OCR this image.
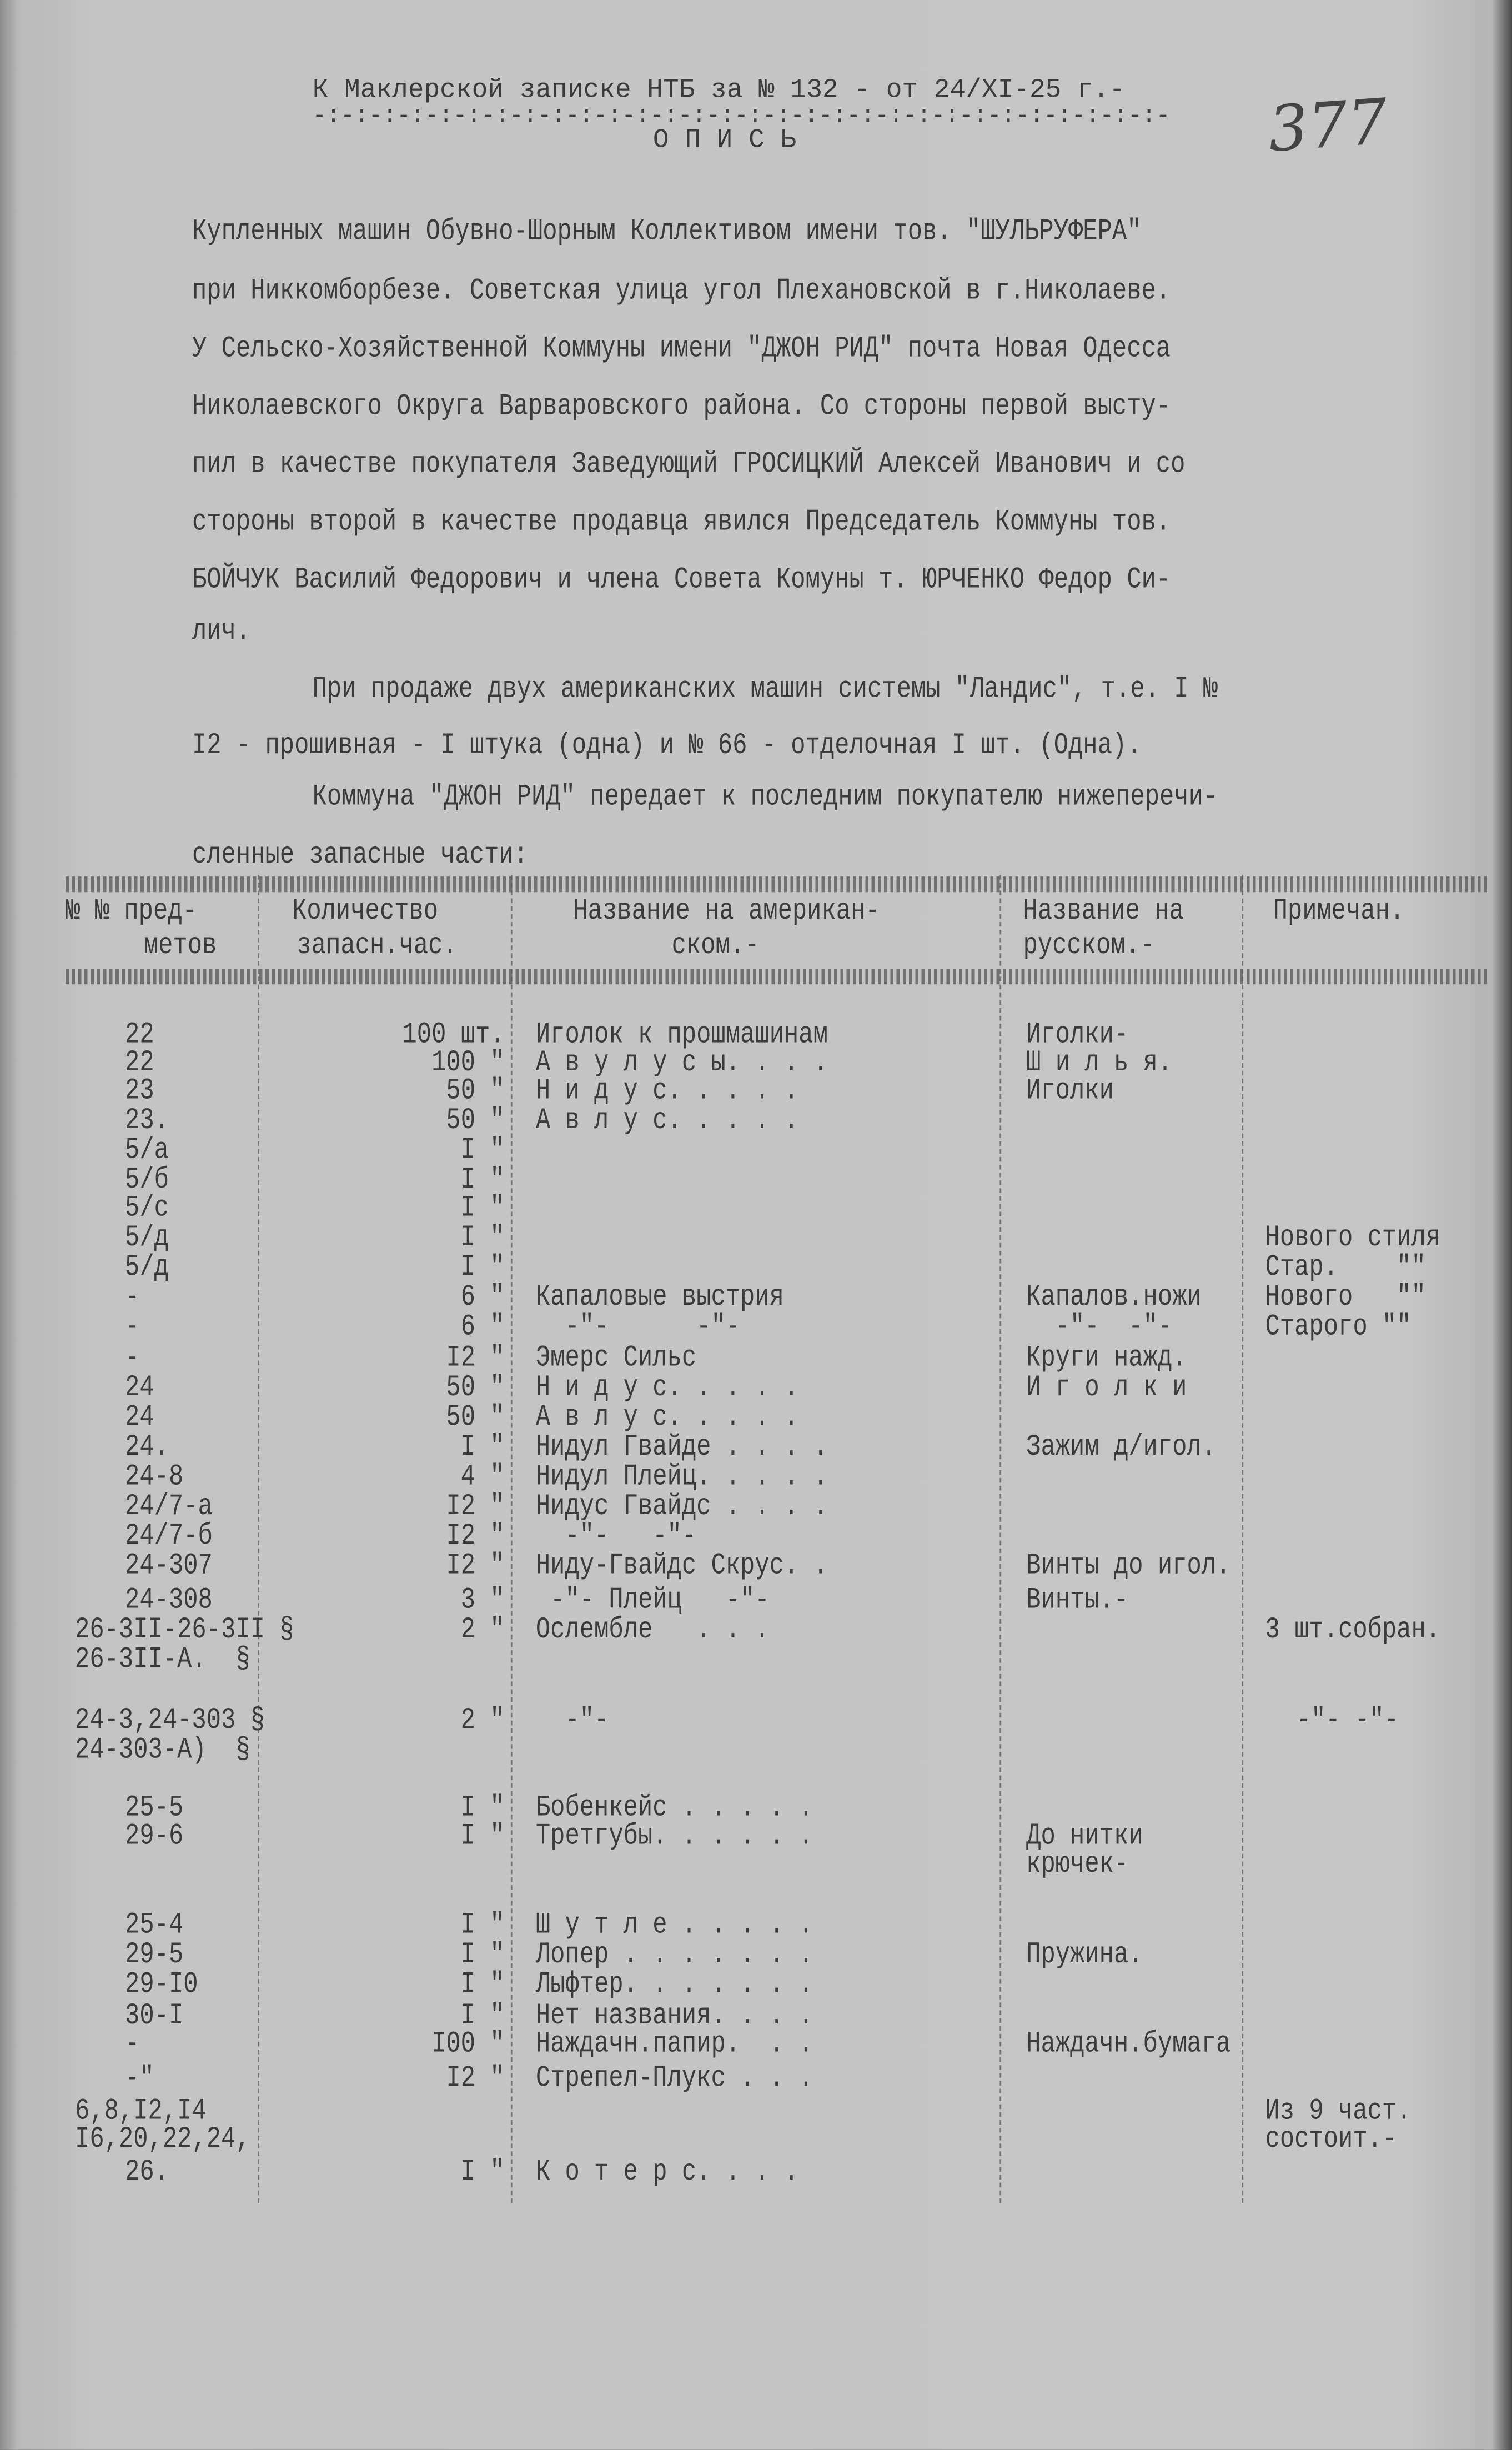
К Маклерской записке НТБ за № 132 - от 24/XI-25 г.-
-:-:-:-:-:-:-:-:-:-:-:-:-:-:-:-:-:-:-:-:-:-:-:-:-:-:-:-:-:-:-
О П И С Ь	377
Купленных машин Обувно-Шорным Коллективом имени тов. "ШУЛЬРУФЕРА"
при Никкомборбезе. Советская улица угол Плехановской в г.Николаеве.
У Сельско-Хозяйственной Коммуны имени "ДЖОН РИД" почта Новая Одесса
Николаевского Округа Варваровского района. Со стороны первой высту-
пил в качестве покупателя Заведующий ГРОСИЦКИЙ Алексей Иванович и со
стороны второй в качестве продавца явился Председатель Коммуны тов.
БОЙЧУК Василий Федорович и члена Совета Комуны т. ЮРЧЕНКО Федор Си-
лич.
При продаже двух американских машин системы "Ландис", т.е. I №
I2 - прошивная - I штука (одна) и № 66 - отделочная I шт. (Одна).
Коммуна "ДЖОН РИД" передает к последним покупателю нижеперечи-
сленные запасные части:
№ № пред-
метов
Количество
запасн.час.
Название на американ-
ском.-
Название на
русском.-
Примечан.
22	100 шт.	Иголок к прошмашинам	Иголки-
22	100 "	А в у л у с ы. . . .	Ш и л ь я.
23	50 "	Н и д у с. . . . .	Иголки
23.	50 "	А в л у с. . . . .
5/а	I "
5/б	I "
5/с	I "
5/д	I "	Нового стиля
5/д	I "	Стар.    ""
-	6 "	Капаловые выстрия	Капалов.ножи	Нового   ""
-	6 "	-"-      -"-	-"-  -"-	Старого ""
-	I2 "	Эмерс Сильс	Круги нажд.
24	50 "	Н и д у с. . . . .	И г о л к и
24	50 "	А в л у с. . . . .
24.	I "	Нидул Гвайде . . . .	Зажим д/игол.
24-8	4 "	Нидул Плейц. . . . .
24/7-а	I2 "	Нидус Гвайдс . . . .
24/7-б	I2 "	-"-   -"-
24-307	I2 "	Ниду-Гвайдс Скрус. .	Винты до игол.
24-308	3 "	-"- Плейц   -"-	Винты.-
26-3II-26-3II §	2 "	Ослембле   . . .	3 шт.собран.
26-3II-A.  §
24-3,24-303 §	2 "	-"-	-"- -"-
24-303-A)  §
25-5	I "	Бобенкейс . . . . .
29-6	I "	Третгубы. . . . . .	До нитки
крючек-
25-4	I "	Ш у т л е . . . . .
29-5	I "	Лопер . . . . . . .	Пружина.
29-I0	I "	Лыфтер. . . . . . .
30-I	I "	Нет названия. . . .
-	I00 "	Наждачн.папир.  . .	Наждачн.бумага
-"	I2 "	Стрепел-Плукс . . .
6,8,I2,I4	Из 9 част.
I6,20,22,24,	состоит.-
26.	I "	К о т е р с. . . .
